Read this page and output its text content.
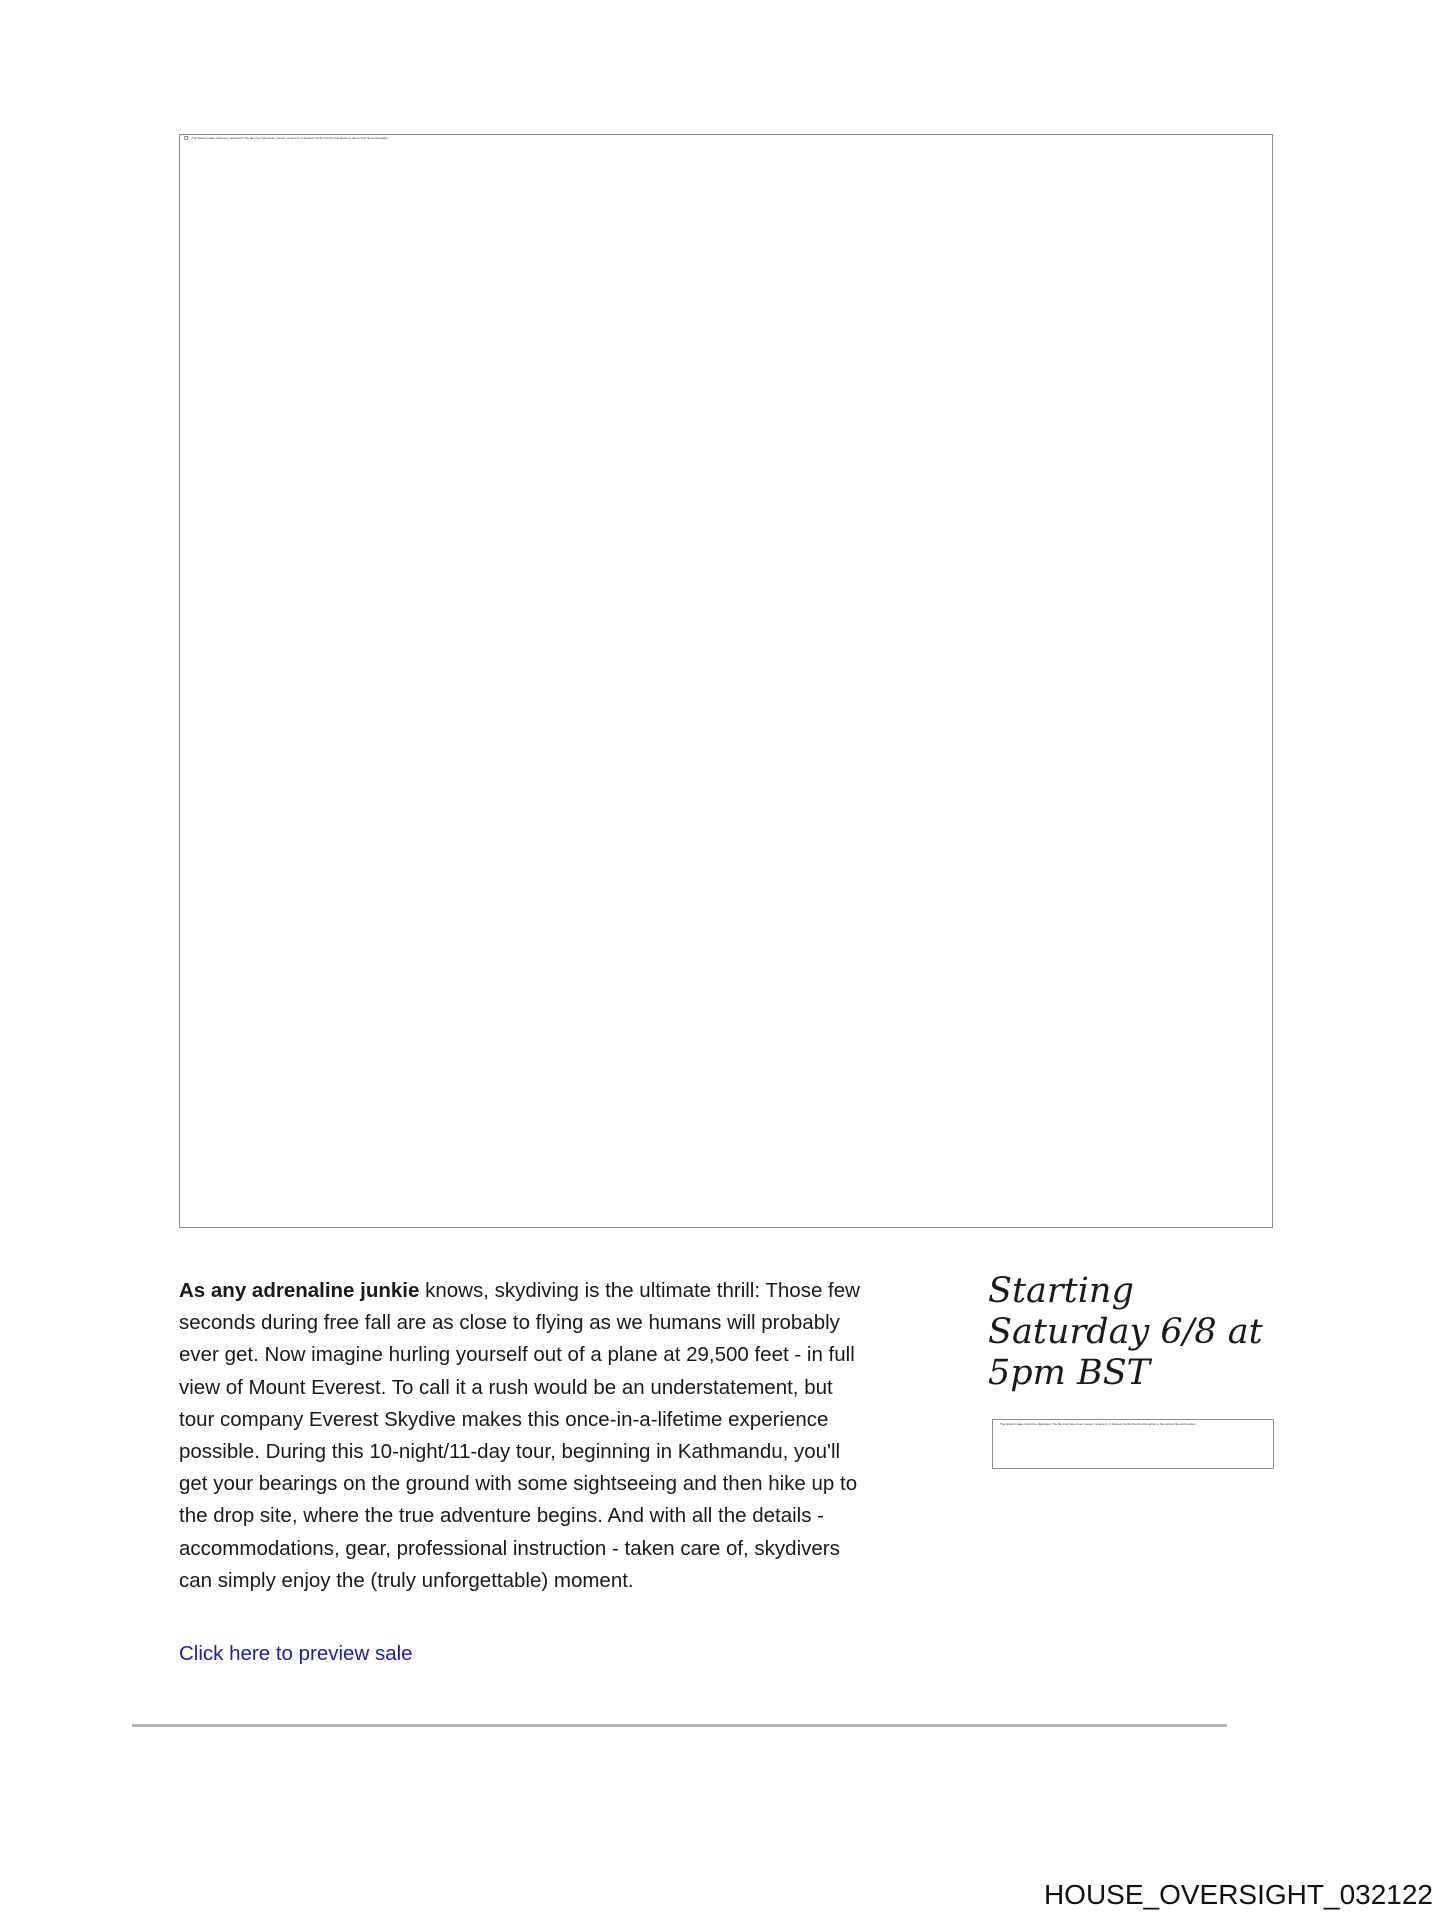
The linked image cannot be displayed. The file may have been moved, renamed, or deleted. Verify that the link points to the correct file and location.

As any adrenaline junkie knows, skydiving is the ultimate thrill: Those few seconds during free fall are as close to flying as we humans will probably ever get. Now imagine hurling yourself out of a plane at 29,500 feet - in full view of Mount Everest. To call it a rush would be an understatement, but tour company Everest Skydive makes this once-in-a-lifetime experience possible. During this 10-night/11-day tour, beginning in Kathmandu, you'll get your bearings on the ground with some sightseeing and then hike up to the drop site, where the true adventure begins. And with all the details - accommodations, gear, professional instruction - taken care of, skydivers can simply enjoy the (truly unforgettable) moment.

Click here to preview sale
Starting Saturday 6/8 at 5pm BST
The linked image cannot be displayed. The file may have been moved, renamed, or deleted. Verify that the link points to the correct file and location.
HOUSE_OVERSIGHT_032122
